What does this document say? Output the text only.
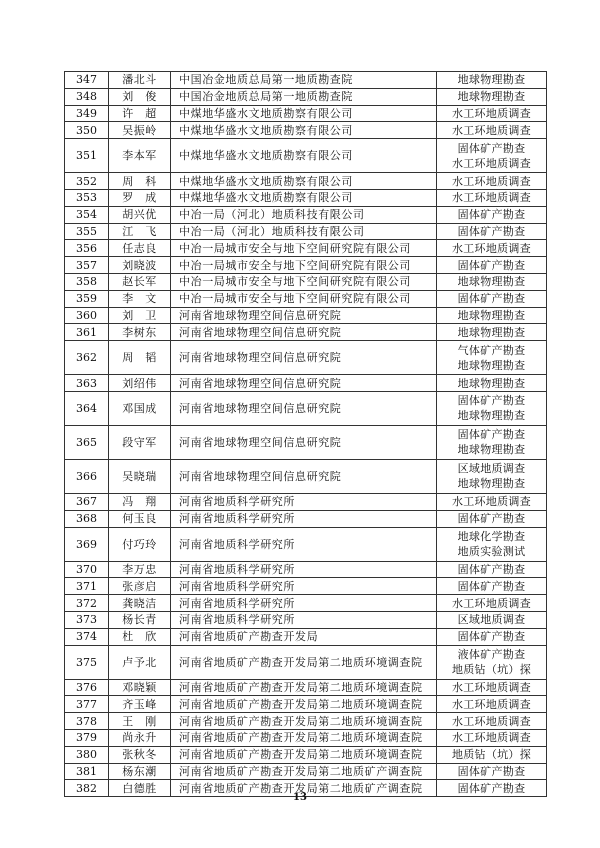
347	潘北斗	中国冶金地质总局第一地质勘查院	地球物理勘查

348	刘　俊	中国冶金地质总局第一地质勘查院	地球物理勘查

349	许　超	中煤地华盛水文地质勘察有限公司	水工环地质调查

350	吴振岭	中煤地华盛水文地质勘察有限公司	水工环地质调查

351	李本军	中煤地华盛水文地质勘察有限公司	固体矿产勘查
水工环地质调查

352	周　科	中煤地华盛水文地质勘察有限公司	水工环地质调查

353	罗　成	中煤地华盛水文地质勘察有限公司	水工环地质调查

354	胡兴优	中冶一局（河北）地质科技有限公司	固体矿产勘查

355	江　飞	中冶一局（河北）地质科技有限公司	固体矿产勘查

356	任志良	中冶一局城市安全与地下空间研究院有限公司	水工环地质调查

357	刘晓波	中冶一局城市安全与地下空间研究院有限公司	固体矿产勘查

358	赵长军	中冶一局城市安全与地下空间研究院有限公司	地球物理勘查

359	李　文	中冶一局城市安全与地下空间研究院有限公司	固体矿产勘查

360	刘　卫	河南省地球物理空间信息研究院	地球物理勘查

361	李树东	河南省地球物理空间信息研究院	地球物理勘查

362	周　韬	河南省地球物理空间信息研究院	气体矿产勘查
地球物理勘查

363	刘绍伟	河南省地球物理空间信息研究院	地球物理勘查

364	邓国成	河南省地球物理空间信息研究院	固体矿产勘查
地球物理勘查

365	段守军	河南省地球物理空间信息研究院	固体矿产勘查
地球物理勘查

366	吴晓瑞	河南省地球物理空间信息研究院	区域地质调查
地球物理勘查

367	冯　翔	河南省地质科学研究所	水工环地质调查

368	何玉良	河南省地质科学研究所	固体矿产勘查

369	付巧玲	河南省地质科学研究所	地球化学勘查
地质实验测试

370	李万忠	河南省地质科学研究所	固体矿产勘查

371	张彦启	河南省地质科学研究所	固体矿产勘查

372	龚晓洁	河南省地质科学研究所	水工环地质调查

373	杨长青	河南省地质科学研究所	区域地质调查

374	杜　欣	河南省地质矿产勘查开发局	固体矿产勘查

375	卢予北	河南省地质矿产勘查开发局第二地质环境调查院	液体矿产勘查
地质钻（坑）探

376	邓晓颖	河南省地质矿产勘查开发局第二地质环境调查院	水工环地质调查

377	齐玉峰	河南省地质矿产勘查开发局第二地质环境调查院	水工环地质调查

378	王　刚	河南省地质矿产勘查开发局第二地质环境调查院	水工环地质调查

379	尚永升	河南省地质矿产勘查开发局第二地质环境调查院	水工环地质调查

380	张秋冬	河南省地质矿产勘查开发局第二地质环境调查院	地质钻（坑）探

381	杨东潮	河南省地质矿产勘查开发局第二地质矿产调查院	固体矿产勘查

382	白德胜	河南省地质矿产勘查开发局第二地质矿产调查院	固体矿产勘查
13
